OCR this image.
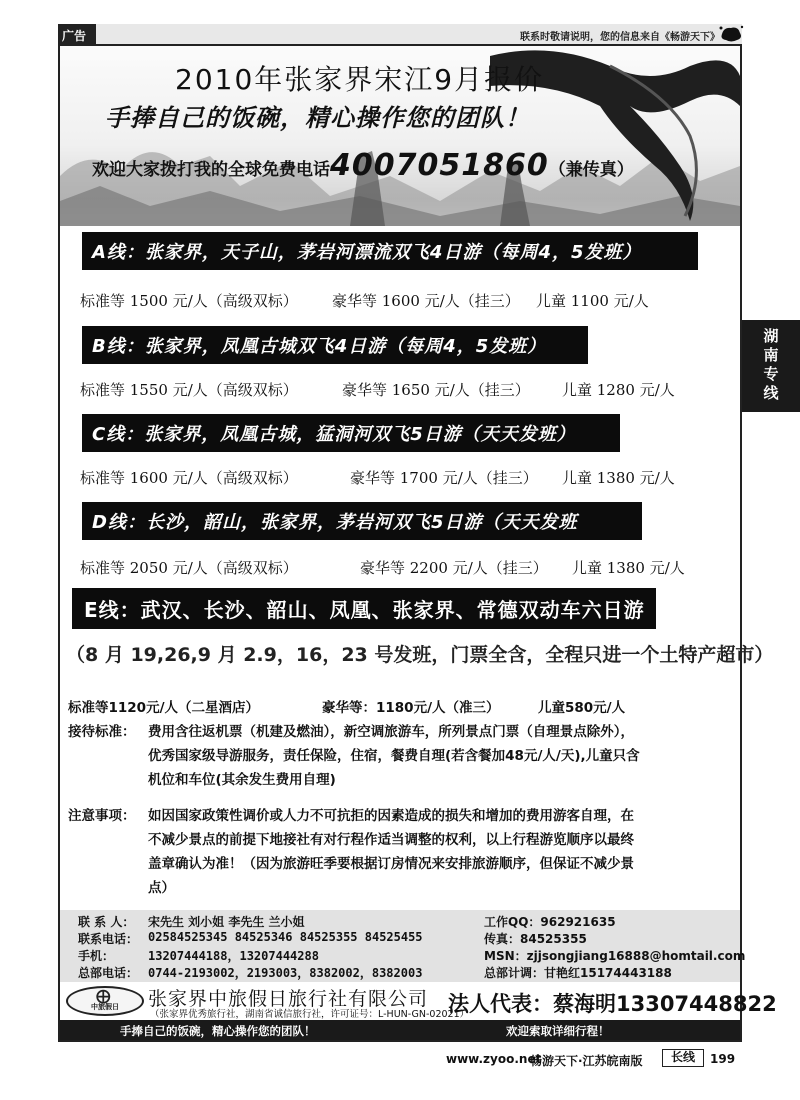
广告	联系时敬请说明，您的信息来自《畅游天下》
2010年张家界宋江9月报价
手捧自己的饭碗，精心操作您的团队！
欢迎大家拨打我的全球免费电话4007051860（兼传真）
湖南专线
A线：张家界，天子山，茅岩河漂流双飞4日游（每周4，5发班）
标准等 1500 元/人（高级双标） 豪华等 1600 元/人（挂三） 儿童 1100 元/人
B线：张家界，凤凰古城双飞4日游（每周4，5发班）
标准等 1550 元/人（高级双标）	豪华等 1650 元/人（挂三） 儿童 1280 元/人
C线：张家界，凤凰古城，猛洞河双飞5日游（天天发班）
标准等 1600 元/人（高级双标）	豪华等 1700 元/人（挂三） 儿童 1380 元/人
D线：长沙，韶山，张家界，茅岩河双飞5日游（天天发班
标准等 2050 元/人（高级双标）	豪华等 2200 元/人（挂三） 儿童 1380 元/人
E线：武汉、长沙、韶山、凤凰、张家界、常德双动车六日游
（8 月 19,26,9 月 2.9，16，23 号发班，门票全含，全程只进一个土特产超市）
标准等1120元/人（二星酒店）	豪华等：1180元/人（准三）	儿童580元/人
接待标准： 费用含往返机票（机建及燃油），新空调旅游车，所列景点门票（自理景点除外），
优秀国家级导游服务，责任保险，住宿，餐费自理(若含餐加48元/人/天),儿童只含
机位和车位(其余发生费用自理)
注意事项： 如因国家政策性调价或人力不可抗拒的因素造成的损失和增加的费用游客自理，在
不减少景点的前提下地接社有对行程作适当调整的权利，以上行程游览顺序以最终
盖章确认为准！（因为旅游旺季要根据订房情况来安排旅游顺序，但保证不减少景
点）
联 系 人： 宋先生 刘小姐 李先生 兰小姐
联系电话： 02584525345 84525346 84525355 84525455
手机：	13207444188，13207444288
总部电话： 0744-2193002，2193003，8382002，8382003
工作QQ：962921635
传真：84525355
MSN：zjjsongjiang16888@homtail.com
总部计调：甘艳红15174443188
中旅假日	张家界中旅假日旅行社有限公司
（张家界优秀旅行社，湖南省诚信旅行社，许可证号：L-HUN-GN-02021）
法人代表：蔡海明13307448822
手捧自己的饭碗，精心操作您的团队！	欢迎索取详细行程！
www.zyoo.net
畅游天下·江苏皖南版	长线	199
